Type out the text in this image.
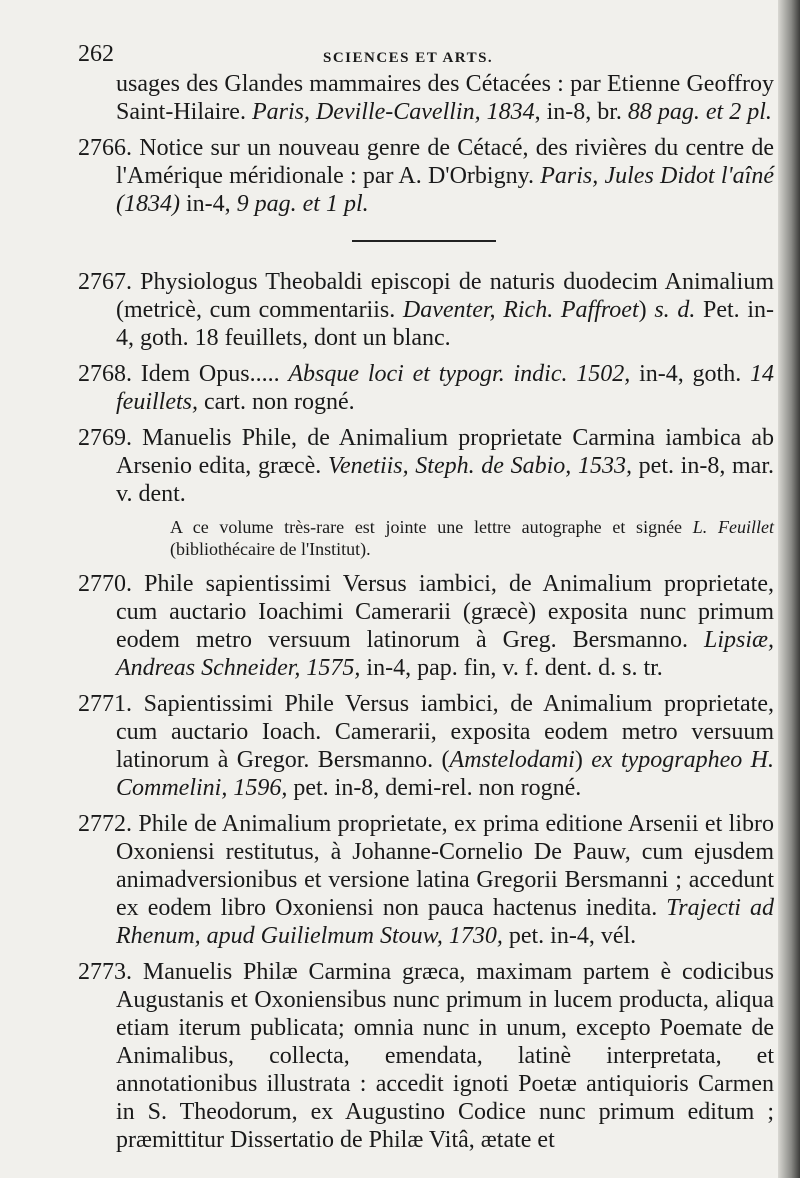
262	SCIENCES ET ARTS.

usages des Glandes mammaires des Cétacées : par Etienne Geoffroy Saint-Hilaire. Paris, Deville-Cavellin, 1834, in-8, br. 88 pag. et 2 pl.

2766. Notice sur un nouveau genre de Cétacé, des rivières du centre de l'Amérique méridionale : par A. D'Orbigny. Paris, Jules Didot l'aîné (1834) in-4, 9 pag. et 1 pl.

2767. Physiologus Theobaldi episcopi de naturis duodecim Animalium (metricè, cum commentariis. Daventer, Rich. Paffroet) s. d. Pet. in-4, goth. 18 feuillets, dont un blanc.

2768. Idem Opus..... Absque loci et typogr. indic. 1502, in-4, goth. 14 feuillets, cart. non rogné.

2769. Manuelis Phile, de Animalium proprietate Carmina iambica ab Arsenio edita, græcè. Venetiis, Steph. de Sabio, 1533, pet. in-8, mar. v. dent.

A ce volume très-rare est jointe une lettre autographe et signée L. Feuillet (bibliothécaire de l'Institut).

2770. Phile sapientissimi Versus iambici, de Animalium proprietate, cum auctario Ioachimi Camerarii (græcè) exposita nunc primum eodem metro versuum latinorum à Greg. Bersmanno. Lipsiæ, Andreas Schneider, 1575, in-4, pap. fin, v. f. dent. d. s. tr.

2771. Sapientissimi Phile Versus iambici, de Animalium proprietate, cum auctario Ioach. Camerarii, exposita eodem metro versuum latinorum à Gregor. Bersmanno. (Amstelodami) ex typographeo H. Commelini, 1596, pet. in-8, demi-rel. non rogné.

2772. Phile de Animalium proprietate, ex prima editione Arsenii et libro Oxoniensi restitutus, à Johanne-Cornelio De Pauw, cum ejusdem animadversionibus et versione latina Gregorii Bersmanni ; accedunt ex eodem libro Oxoniensi non pauca hactenus inedita. Trajecti ad Rhenum, apud Guilielmum Stouw, 1730, pet. in-4, vél.

2773. Manuelis Philæ Carmina græca, maximam partem è codicibus Augustanis et Oxoniensibus nunc primum in lucem producta, aliqua etiam iterum publicata; omnia nunc in unum, excepto Poemate de Animalibus, collecta, emendata, latinè interpretata, et annotationibus illustrata : accedit ignoti Poetæ antiquioris Carmen in S. Theodorum, ex Augustino Codice nunc primum editum ; præmittitur Dissertatio de Philæ Vitâ, ætate et
